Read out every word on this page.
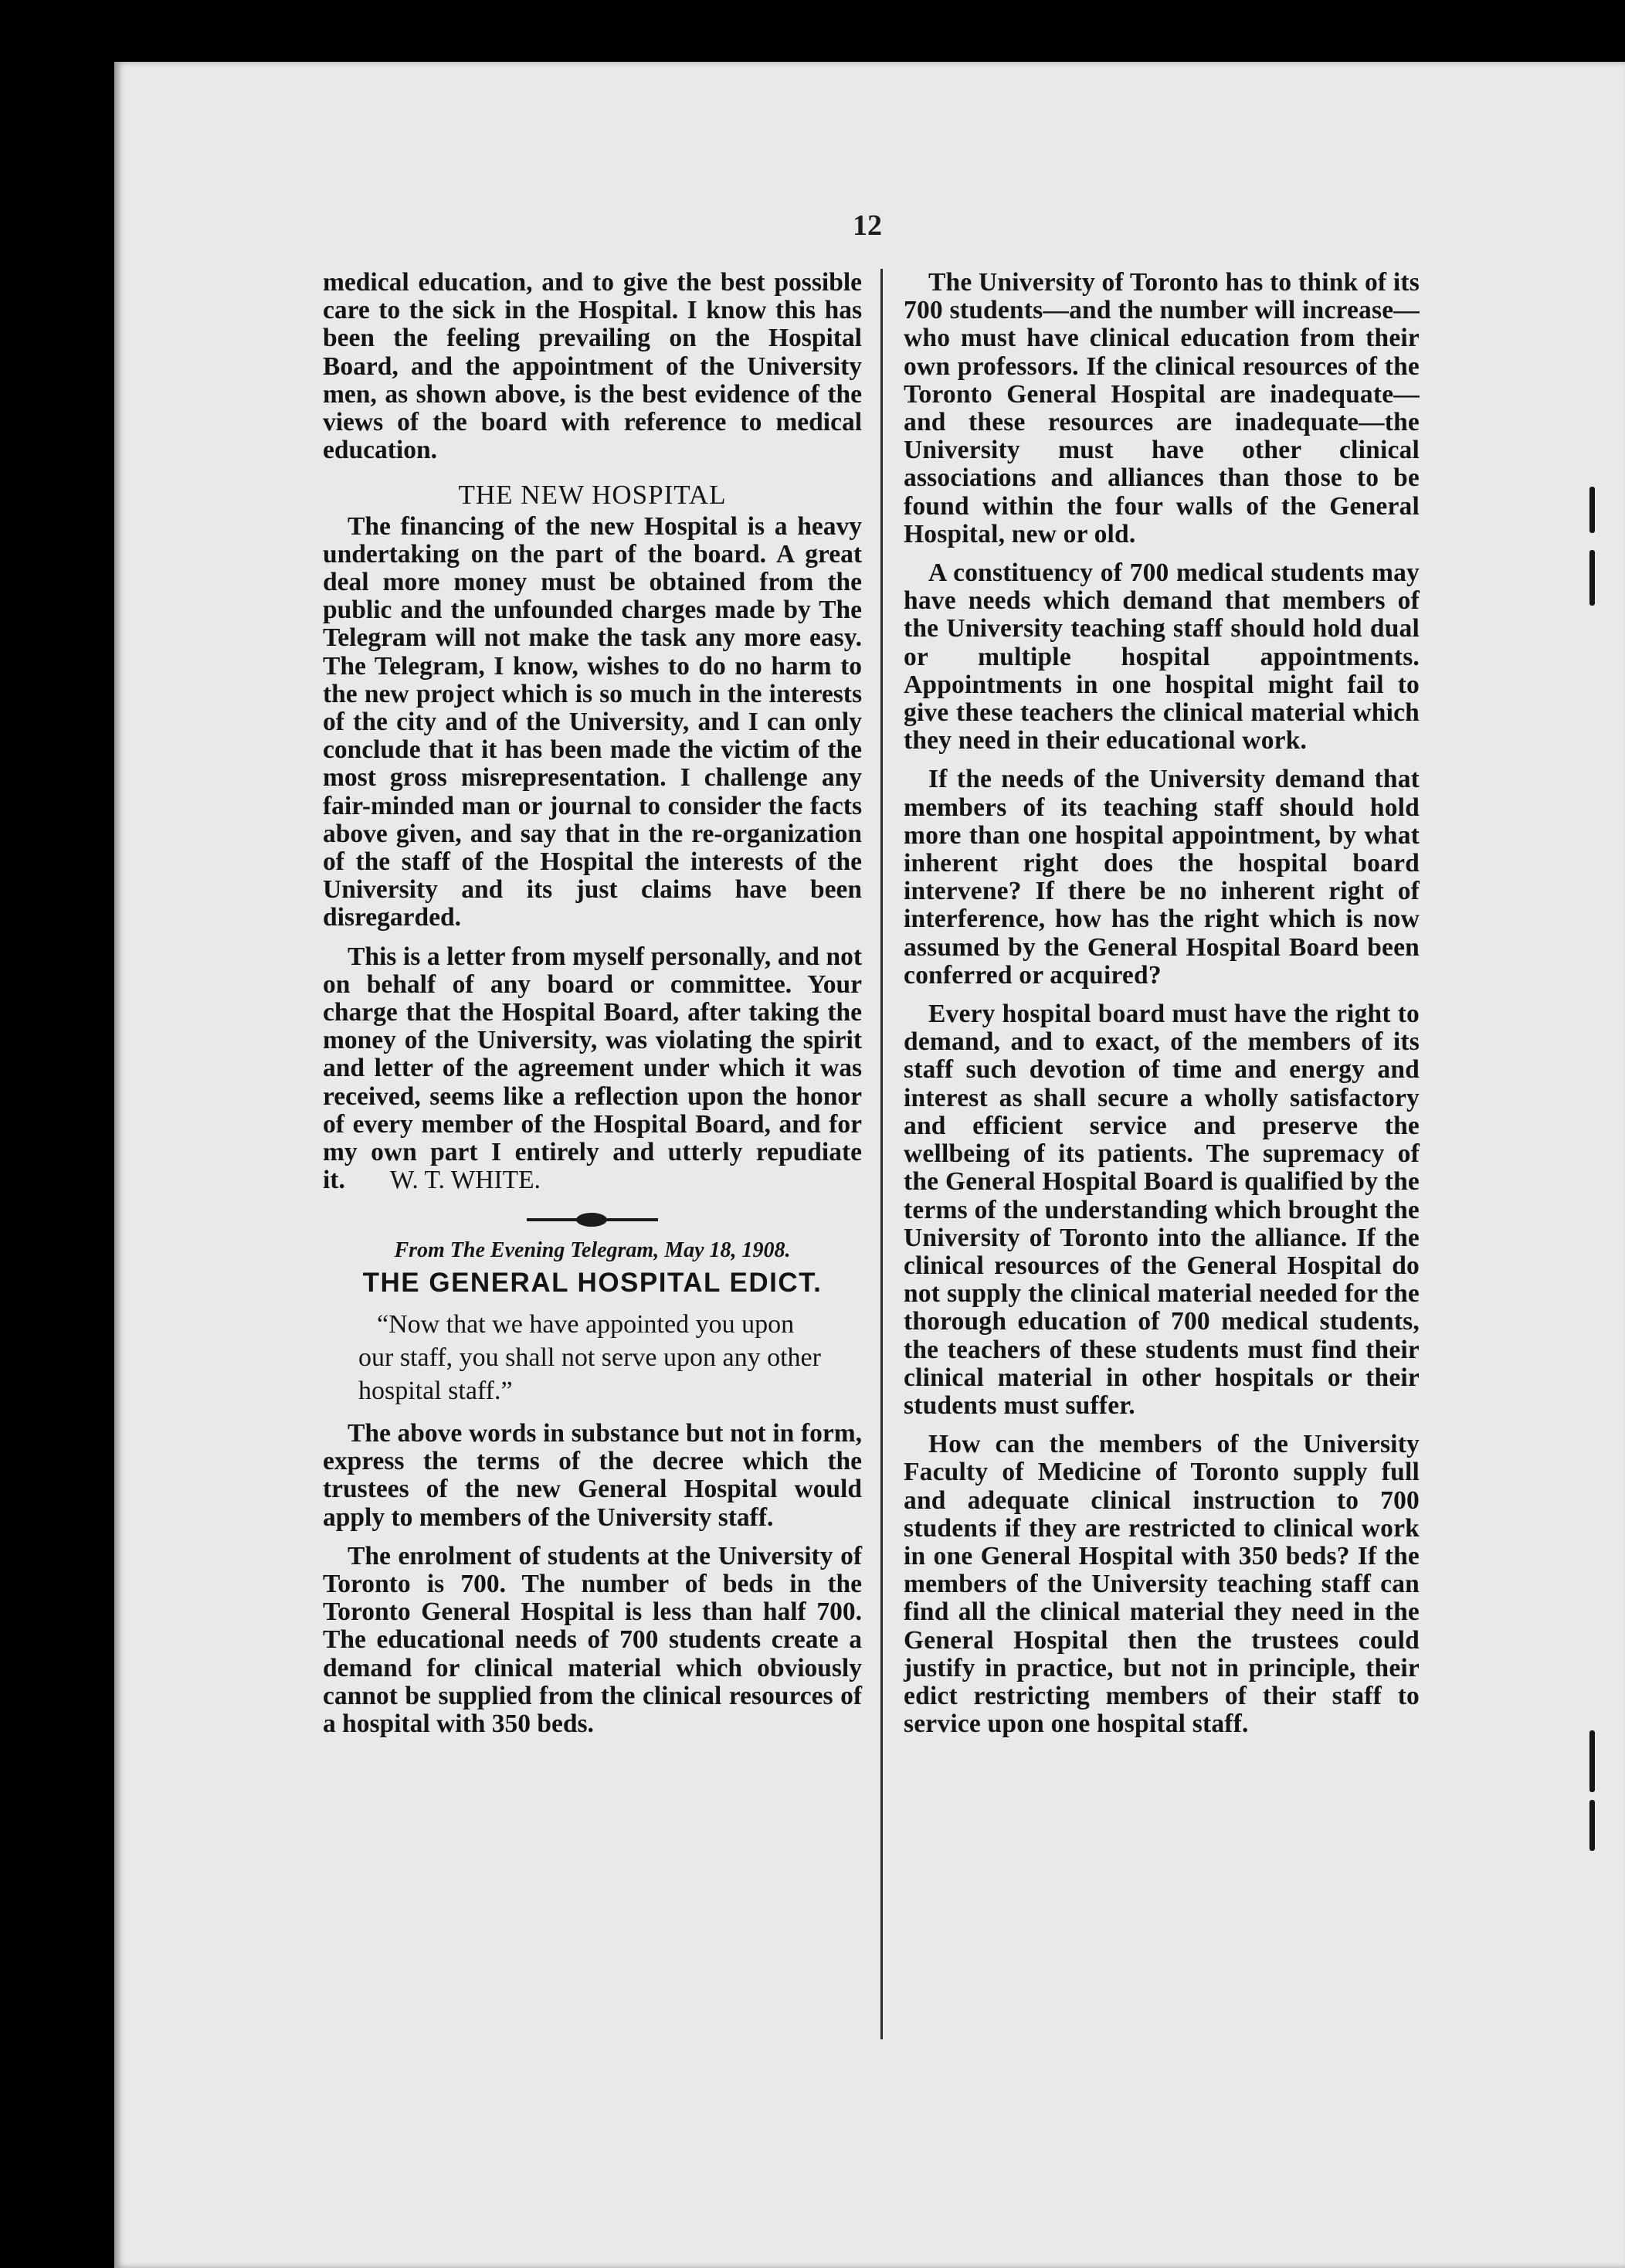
12

medical education, and to give the best possible care to the sick in the Hospital. I know this has been the feeling prevailing on the Hospital Board, and the appointment of the University men, as shown above, is the best evidence of the views of the board with reference to medical education.

THE NEW HOSPITAL

The financing of the new Hospital is a heavy undertaking on the part of the board. A great deal more money must be obtained from the public and the unfounded charges made by The Telegram will not make the task any more easy. The Telegram, I know, wishes to do no harm to the new project which is so much in the interests of the city and of the University, and I can only conclude that it has been made the victim of the most gross misrepresentation. I challenge any fair-minded man or journal to consider the facts above given, and say that in the re-organization of the staff of the Hospital the interests of the University and its just claims have been disregarded.

This is a letter from myself personally, and not on behalf of any board or committee. Your charge that the Hospital Board, after taking the money of the University, was violating the spirit and letter of the agreement under which it was received, seems like a reflection upon the honor of every member of the Hospital Board, and for my own part I entirely and utterly repudiate it. W. T. WHITE.

From The Evening Telegram, May 18, 1908.
THE GENERAL HOSPITAL EDICT.

“Now that we have appointed you upon our staff, you shall not serve upon any other hospital staff.”

The above words in substance but not in form, express the terms of the decree which the trustees of the new General Hospital would apply to members of the University staff.

The enrolment of students at the University of Toronto is 700. The number of beds in the Toronto General Hospital is less than half 700. The educational needs of 700 students create a demand for clinical material which obviously cannot be supplied from the clinical resources of a hospital with 350 beds.

The University of Toronto has to think of its 700 students—and the number will increase—who must have clinical education from their own professors. If the clinical resources of the Toronto General Hospital are inadequate—and these resources are inadequate—the University must have other clinical associations and alliances than those to be found within the four walls of the General Hospital, new or old.

A constituency of 700 medical students may have needs which demand that members of the University teaching staff should hold dual or multiple hospital appointments. Appointments in one hospital might fail to give these teachers the clinical material which they need in their educational work.

If the needs of the University demand that members of its teaching staff should hold more than one hospital appointment, by what inherent right does the hospital board intervene? If there be no inherent right of interference, how has the right which is now assumed by the General Hospital Board been conferred or acquired?

Every hospital board must have the right to demand, and to exact, of the members of its staff such devotion of time and energy and interest as shall secure a wholly satisfactory and efficient service and preserve the wellbeing of its patients. The supremacy of the General Hospital Board is qualified by the terms of the understanding which brought the University of Toronto into the alliance. If the clinical resources of the General Hospital do not supply the clinical material needed for the thorough education of 700 medical students, the teachers of these students must find their clinical material in other hospitals or their students must suffer.

How can the members of the University Faculty of Medicine of Toronto supply full and adequate clinical instruction to 700 students if they are restricted to clinical work in one General Hospital with 350 beds? If the members of the University teaching staff can find all the clinical material they need in the General Hospital then the trustees could justify in practice, but not in principle, their edict restricting members of their staff to service upon one hospital staff.
